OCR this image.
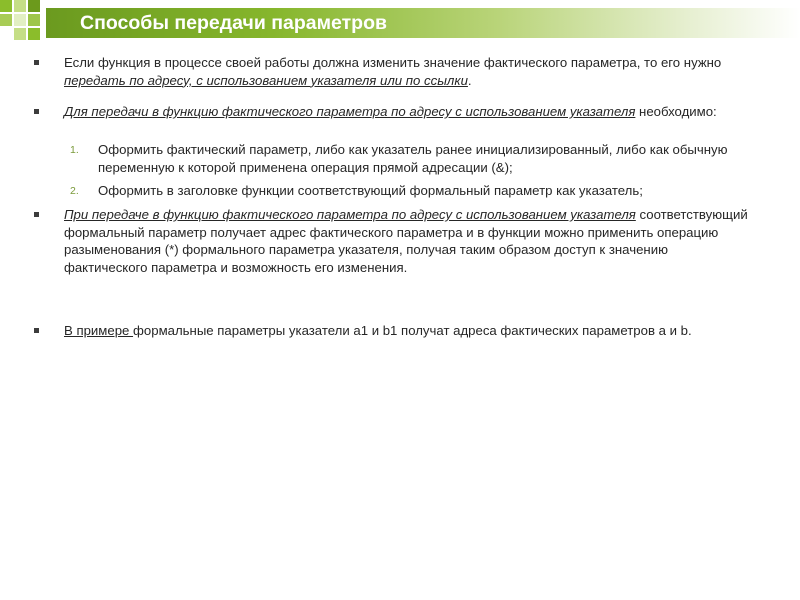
Способы передачи параметров
Если функция в процессе своей работы должна изменить значение фактического параметра, то его нужно передать по адресу, с использованием указателя или по ссылки.
Для передачи в функцию фактического параметра по адресу с использованием указателя необходимо:
1. Оформить фактический параметр, либо как указатель ранее инициализированный, либо как обычную переменную к которой применена операция прямой адресации (&);
2. Оформить в заголовке функции соответствующий формальный параметр как указатель;
При передаче в функцию фактического параметра по адресу с использованием указателя соответствующий формальный параметр получает адрес фактического параметра и в функции можно применить операцию разыменования (*) формального параметра указателя, получая таким образом доступ к значению фактического параметра и возможность его изменения.
В примере формальные параметры указатели a1 и b1 получат адреса фактических параметров a и b.
